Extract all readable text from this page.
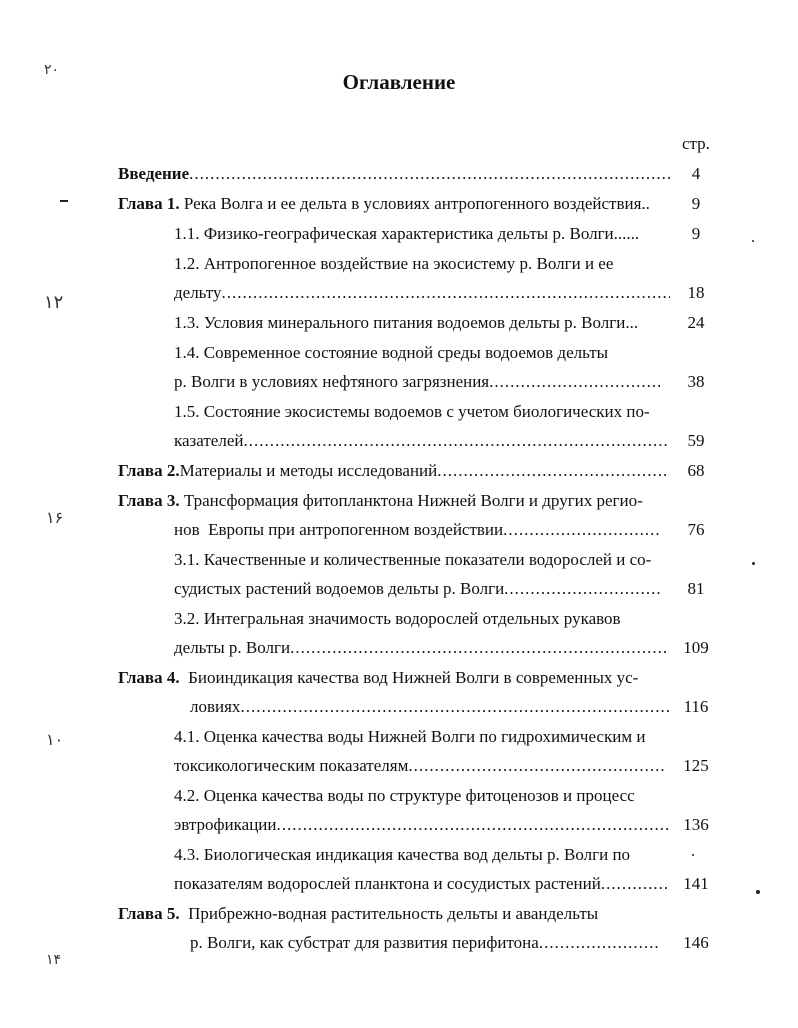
Оглавление
стр.
Введение .....	4
Глава 1. Река Волга и ее дельта в условиях антропогенного воздействия..	9
1.1. Физико-географическая характеристика дельты р. Волги......	9
1.2. Антропогенное воздействие на экосистему р. Волги и ее
дельту .....	18
1.3. Условия минерального питания водоемов дельты р. Волги...	24
1.4. Современное состояние водной среды водоемов дельты
р. Волги в условиях нефтяного загрязнения .....	38
1.5. Состояние экосистемы водоемов с учетом биологических по-
казателей .....	59
Глава 2. Материалы и методы исследований .....	68
Глава 3. Трансформация фитопланктона Нижней Волги и других регио-
нов  Европы при антропогенном воздействии .....	76
3.1. Качественные и количественные показатели водорослей и со-
судистых растений водоемов дельты р. Волги .....	81
3.2. Интегральная значимость водорослей отдельных рукавов
дельты р. Волги .....	109
Глава 4.  Биоиндикация качества вод Нижней Волги в современных ус-
ловиях .....	116
4.1. Оценка качества воды Нижней Волги по гидрохимическим и
токсикологическим показателям .....	125
4.2. Оценка качества воды по структуре фитоценозов и процесс
эвтрофикации .....	136
4.3. Биологическая индикация качества вод дельты р. Волги по
показателям водорослей планктона и сосудистых растений .....	141
Глава 5.  Прибрежно-водная растительность дельты и авандельты
р. Волги, как субстрат для развития перифитона .....	146
۲۰
۱۲
۱۶
۱۰
۱۴
